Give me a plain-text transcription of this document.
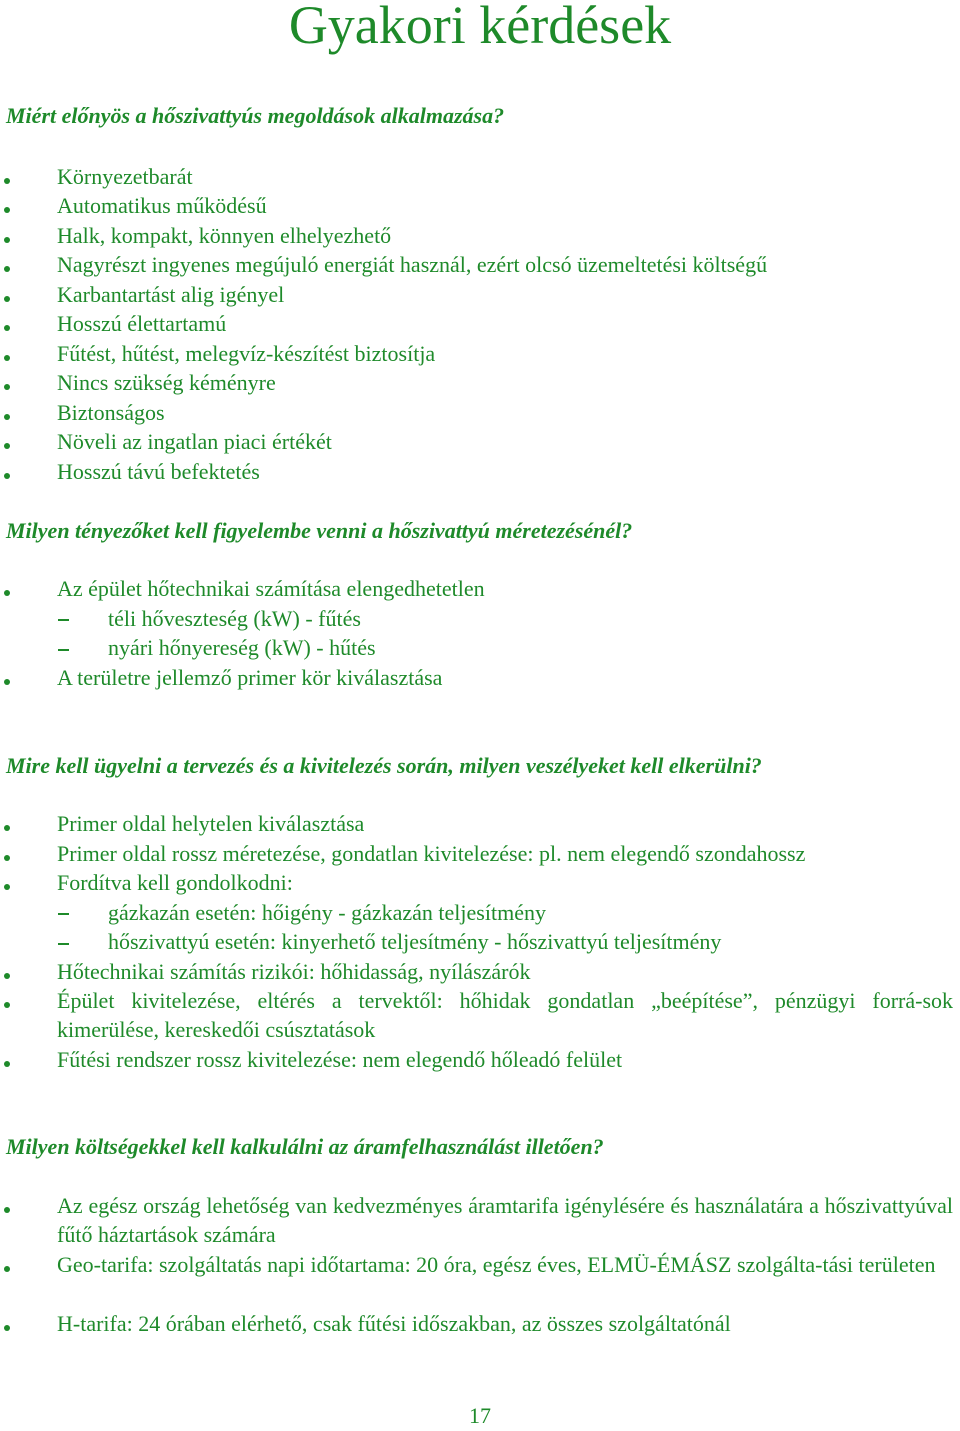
Gyakori kérdések
Miért előnyös a hőszivattyús megoldások alkalmazása?
Környezetbarát
Automatikus működésű
Halk, kompakt, könnyen elhelyezhető
Nagyrészt ingyenes megújuló energiát használ, ezért olcsó üzemeltetési költségű
Karbantartást alig igényel
Hosszú élettartamú
Fűtést, hűtést, melegvíz-készítést biztosítja
Nincs szükség kéményre
Biztonságos
Növeli az ingatlan piaci értékét
Hosszú távú befektetés
Milyen tényezőket kell figyelembe venni a hőszivattyú méretezésénél?
Az épület hőtechnikai számítása elengedhetetlen
téli hőveszteség (kW) - fűtés
nyári hőnyereség (kW) - hűtés
A területre jellemző primer kör kiválasztása
Mire kell ügyelni a tervezés és a kivitelezés során, milyen veszélyeket kell elkerülni?
Primer oldal helytelen kiválasztása
Primer oldal rossz méretezése, gondatlan kivitelezése: pl. nem elegendő szondahossz
Fordítva kell gondolkodni:
gázkazán esetén: hőigény - gázkazán teljesítmény
hőszivattyú esetén: kinyerhető teljesítmény - hőszivattyú teljesítmény
Hőtechnikai számítás rizikói: hőhidasság, nyílászárók
Épület kivitelezése, eltérés a tervektől: hőhidak gondatlan „beépítése”, pénzügyi forrá-sok kimerülése, kereskedői csúsztatások
Fűtési rendszer rossz kivitelezése: nem elegendő hőleadó felület
Milyen költségekkel kell kalkulálni az áramfelhasználást illetően?
Az egész ország lehetőség van kedvezményes áramtarifa igénylésére és használatára a hőszivattyúval fűtő háztartások számára
Geo-tarifa: szolgáltatás napi időtartama: 20 óra, egész éves, ELMÜ-ÉMÁSZ szolgálta-tási területen
H-tarifa: 24 órában elérhető, csak fűtési időszakban, az összes szolgáltatónál
17
